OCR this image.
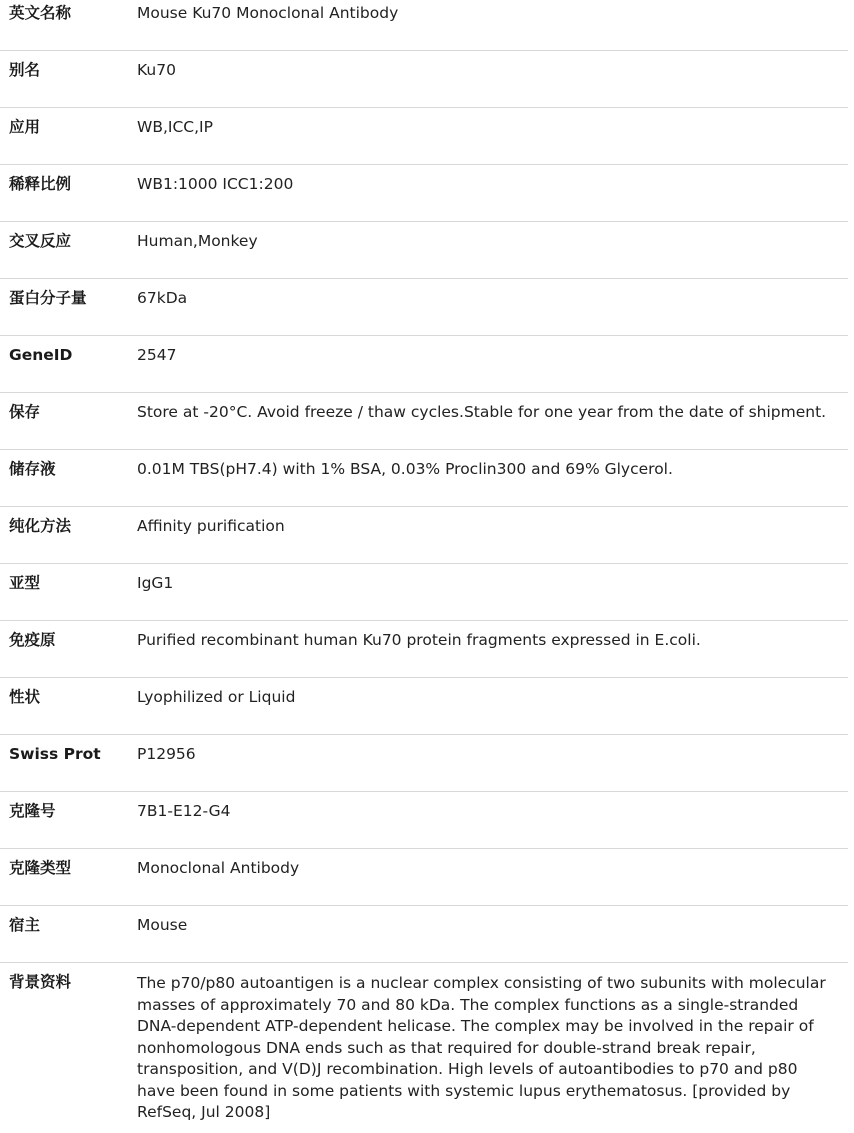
英文名称	Mouse Ku70 Monoclonal Antibody
别名	Ku70
应用	WB,ICC,IP
稀释比例	WB1:1000 ICC1:200
交叉反应	Human,Monkey
蛋白分子量	67kDa
GeneID	2547
保存	Store at -20°C. Avoid freeze / thaw cycles.Stable for one year from the date of shipment.
储存液	0.01M TBS(pH7.4) with 1% BSA, 0.03% Proclin300 and 69% Glycerol.
纯化方法	Affinity purification
亚型	IgG1
免疫原	Purified recombinant human Ku70 protein fragments expressed in E.coli.
性状	Lyophilized or Liquid
Swiss Prot	P12956
克隆号	7B1-E12-G4
克隆类型	Monoclonal Antibody
宿主	Mouse
背景资料	The p70/p80 autoantigen is a nuclear complex consisting of two subunits with molecular masses of approximately 70 and 80 kDa. The complex functions as a single-stranded DNA-dependent ATP-dependent helicase. The complex may be involved in the repair of nonhomologous DNA ends such as that required for double-strand break repair, transposition, and V(D)J recombination. High levels of autoantibodies to p70 and p80 have been found in some patients with systemic lupus erythematosus. [provided by RefSeq, Jul 2008]
